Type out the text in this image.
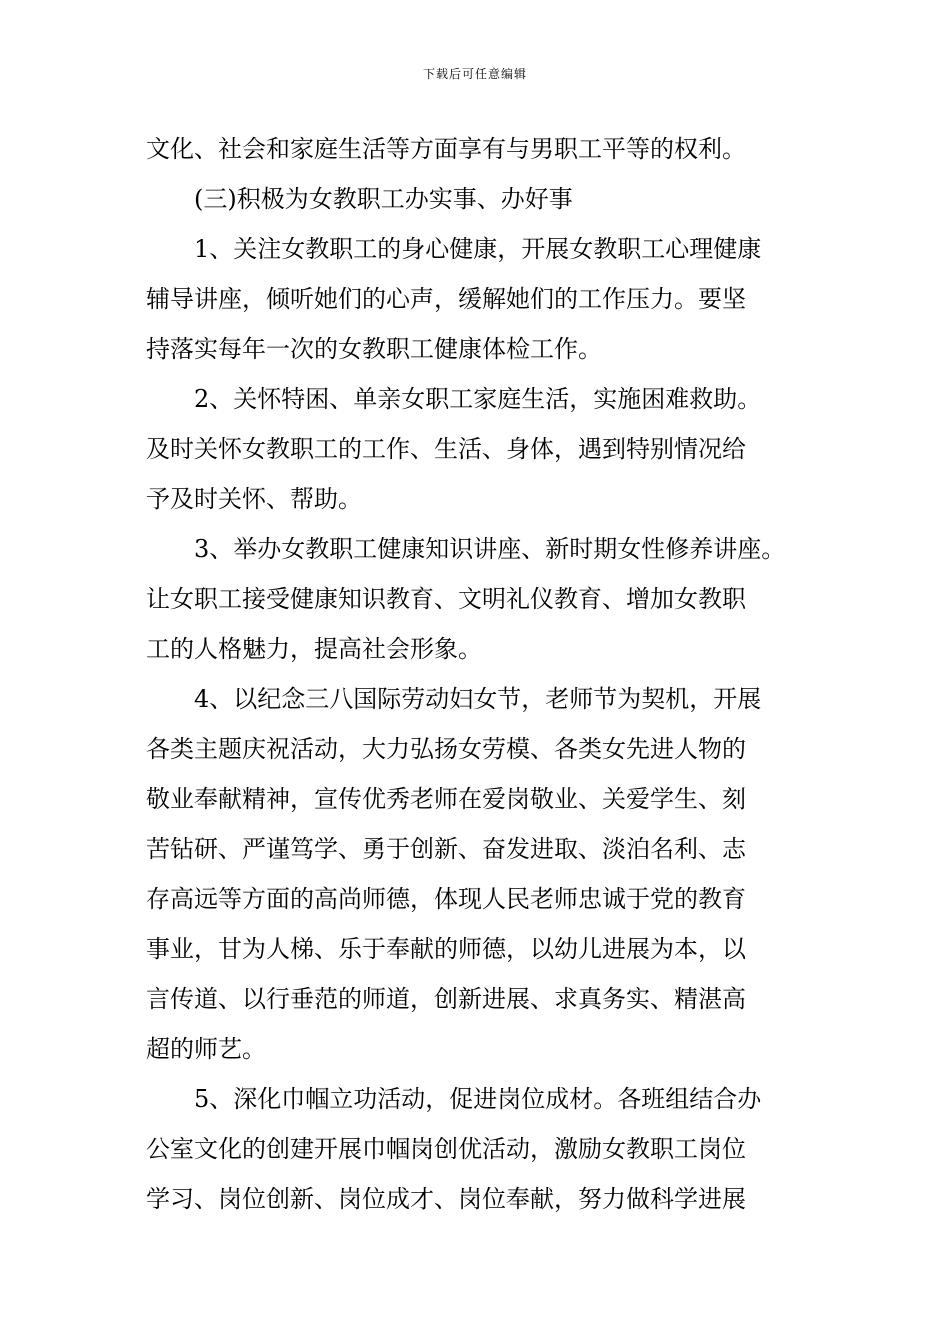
下载后可任意编辑
文化、社会和家庭生活等方面享有与男职工平等的权利。
(三)积极为女教职工办实事、办好事
1、关注女教职工的身心健康，开展女教职工心理健康
辅导讲座，倾听她们的心声，缓解她们的工作压力。要坚
持落实每年一次的女教职工健康体检工作。
2、关怀特困、单亲女职工家庭生活，实施困难救助。
及时关怀女教职工的工作、生活、身体，遇到特别情况给
予及时关怀、帮助。
3、举办女教职工健康知识讲座、新时期女性修养讲座。
让女职工接受健康知识教育、文明礼仪教育、增加女教职
工的人格魅力，提高社会形象。
4、以纪念三八国际劳动妇女节，老师节为契机，开展
各类主题庆祝活动，大力弘扬女劳模、各类女先进人物的
敬业奉献精神，宣传优秀老师在爱岗敬业、关爱学生、刻
苦钻研、严谨笃学、勇于创新、奋发进取、淡泊名利、志
存高远等方面的高尚师德，体现人民老师忠诚于党的教育
事业，甘为人梯、乐于奉献的师德，以幼儿进展为本，以
言传道、以行垂范的师道，创新进展、求真务实、精湛高
超的师艺。
5、深化巾帼立功活动，促进岗位成材。各班组结合办
公室文化的创建开展巾帼岗创优活动，激励女教职工岗位
学习、岗位创新、岗位成才、岗位奉献，努力做科学进展
